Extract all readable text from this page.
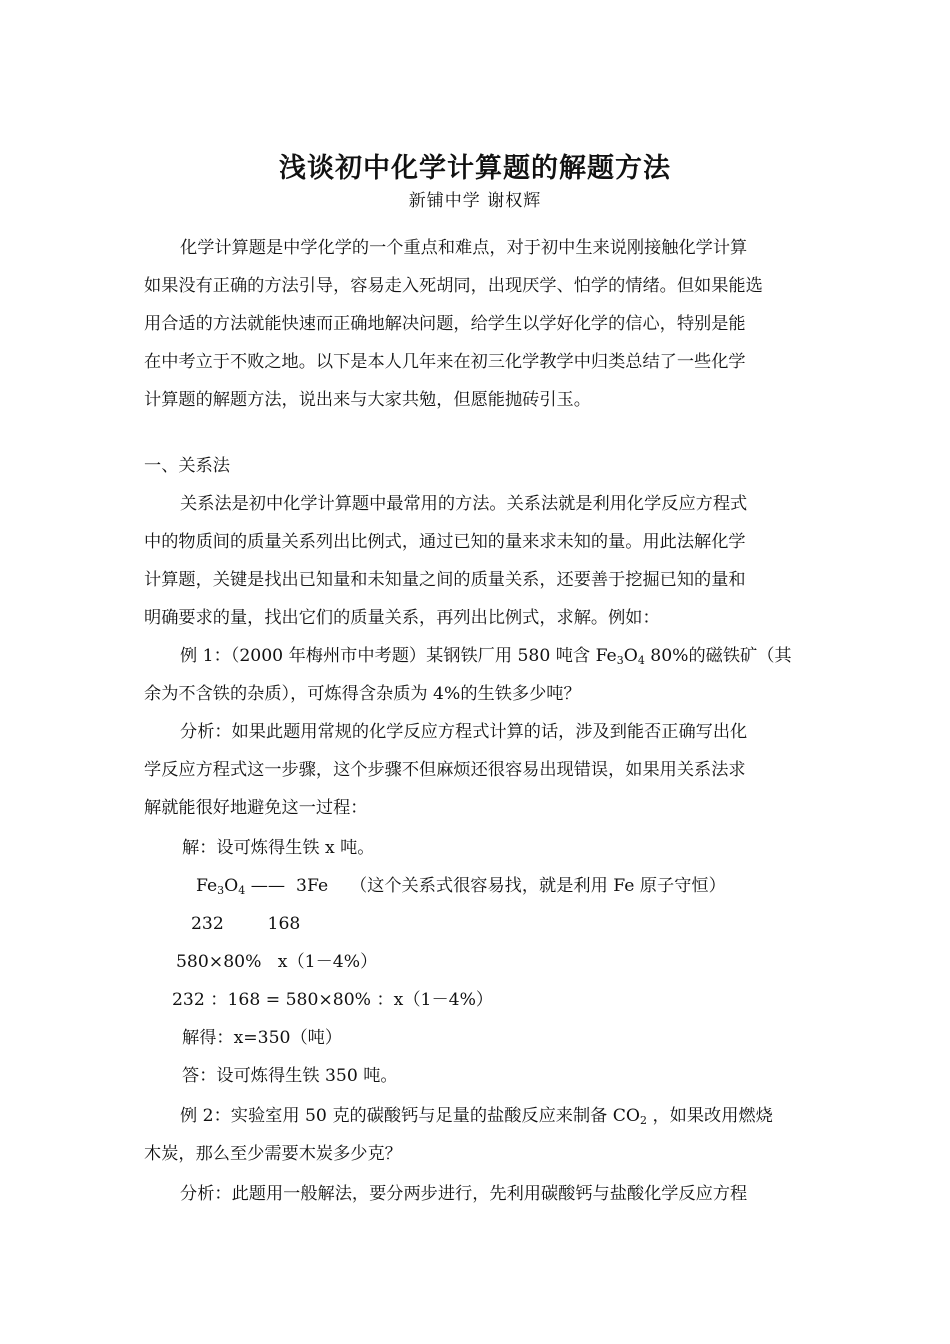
浅谈初中化学计算题的解题方法
新铺中学 谢权辉
化学计算题是中学化学的一个重点和难点，对于初中生来说刚接触化学计算
如果没有正确的方法引导，容易走入死胡同，出现厌学、怕学的情绪。但如果能选
用合适的方法就能快速而正确地解决问题，给学生以学好化学的信心，特别是能
在中考立于不败之地。以下是本人几年来在初三化学教学中归类总结了一些化学
计算题的解题方法，说出来与大家共勉，但愿能抛砖引玉。
一、关系法
关系法是初中化学计算题中最常用的方法。关系法就是利用化学反应方程式
中的物质间的质量关系列出比例式，通过已知的量来求未知的量。用此法解化学
计算题，关键是找出已知量和未知量之间的质量关系，还要善于挖掘已知的量和
明确要求的量，找出它们的质量关系，再列出比例式，求解。例如：
例 1：（2000 年梅州市中考题）某钢铁厂用 580 吨含 Fe3O4 80%的磁铁矿（其
余为不含铁的杂质），可炼得含杂质为 4%的生铁多少吨？
分析：如果此题用常规的化学反应方程式计算的话，涉及到能否正确写出化
学反应方程式这一步骤，这个步骤不但麻烦还很容易出现错误，如果用关系法求
解就能很好地避免这一过程：
解：设可炼得生铁 x 吨。
Fe3O4 ——  3Fe    （这个关系式很容易找，就是利用 Fe 原子守恒）
232        168
580×80%   x（1－4%）
232 ：168 = 580×80% ：x（1－4%）
解得：x=350（吨）
答：设可炼得生铁 350 吨。
例 2：实验室用 50 克的碳酸钙与足量的盐酸反应来制备 CO2 ，如果改用燃烧
木炭，那么至少需要木炭多少克？
分析：此题用一般解法，要分两步进行，先利用碳酸钙与盐酸化学反应方程
